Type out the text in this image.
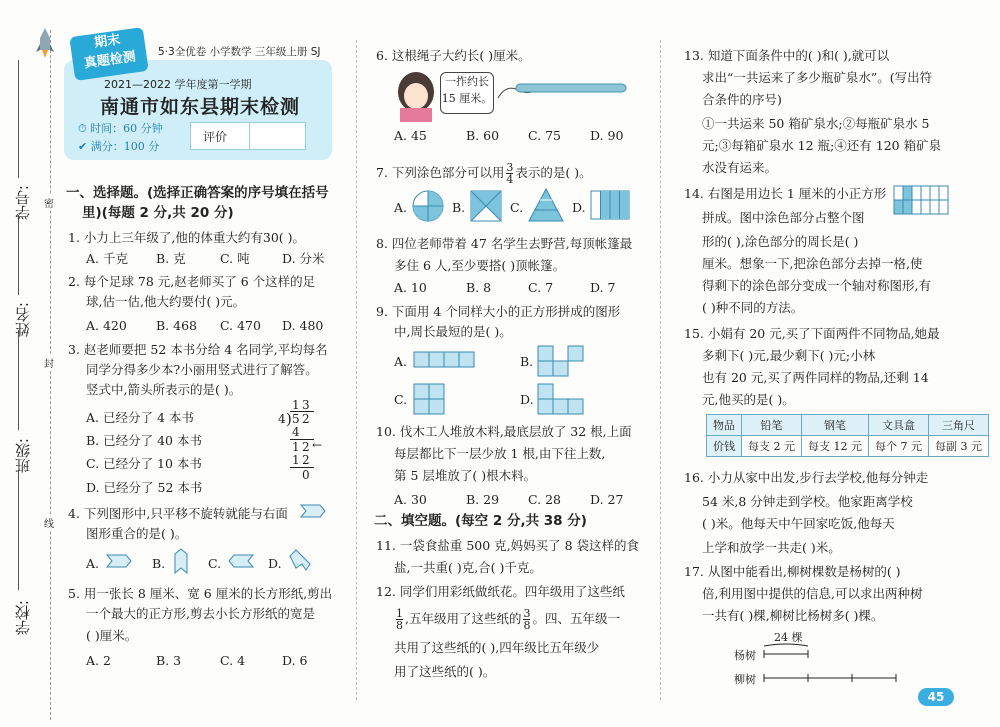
学校:
班级:
姓名:
学号: 密
封
线
期末
真题检测	5·3全优卷 小学数学 三年级上册 SJ
2021—2022 学年度第一学期
南通市如东县期末检测
⏱ 时间：60 分钟
✔ 满分：100 分
评价
一、选择题。(选择正确答案的序号填在括号
里)(每题 2 分,共 20 分)
1. 小力上三年级了,他的体重大约有30( )。
A. 千克 B. 克	C. 吨	D. 分米
2. 每个足球 78 元,赵老师买了 6 个这样的足
球,估一估,他大约要付( )元。
A. 420 B. 468 C. 470 D. 480
3. 赵老师要把 52 本书分给 4 名同学,平均每名
同学分得多少本?小丽用竖式进行了解答。
竖式中,箭头所表示的是( )。
A. 已经分了 4 本书
B. 已经分了 40 本书
C. 已经分了 10 本书
D. 已经分了 52 本书
1 3
4 ) 5 2
4
1 2 ←
1 2
0
4. 下列图形中,只平移不旋转就能与右面
图形重合的是( )。
A.	B.	C.	D.
5. 用一张长 8 厘米、宽 6 厘米的长方形纸,剪出
一个最大的正方形,剪去小长方形纸的宽是
( )厘米。
A. 2	B. 3	C. 4	D. 6
6. 这根绳子大约长( )厘米。
一拃约长
15 厘米。
A. 45	B. 60 C. 75 D. 90
7. 下列涂色部分可以用 $\frac{3}{4}$ 表示的是( )。
A.	B.	C.	D.
8. 四位老师带着 47 名学生去野营,每顶帐篷最
多住 6 人,至少要搭( )顶帐篷。
A. 10	B. 8	C. 7	D. 7
9. 下面用 4 个同样大小的正方形拼成的图形
中,周长最短的是( )。
A.	B.
C.	D.
10. 伐木工人堆放木料,最底层放了 32 根,上面
每层都比下一层少放 1 根,由下往上数,
第 5 层堆放了( )根木料。
A. 30	B. 29 C. 28 D. 27
二、填空题。(每空 2 分,共 38 分)
11. 一袋食盐重 500 克,妈妈买了 8 袋这样的食
盐,一共重( )克,合( )千克。
12. 同学们用彩纸做纸花。四年级用了这些纸
$\frac{1}{8}$ ,五年级用了这些纸的 $\frac{3}{8}$ 。四、五年级一
共用了这些纸的( ),四年级比五年级少
用了这些纸的( )。
13. 知道下面条件中的( )和( ),就可以
求出“一共运来了多少瓶矿泉水”。(写出符
合条件的序号)
①一共运来 50 箱矿泉水;②每瓶矿泉水 5
元;③每箱矿泉水 12 瓶;④还有 120 箱矿泉
水没有运来。
14. 右图是用边长 1 厘米的小正方形
拼成。图中涂色部分占整个图
形的( ),涂色部分的周长是( )
厘米。想象一下,把涂色部分去掉一格,使
得剩下的涂色部分变成一个轴对称图形,有
( )种不同的方法。
15. 小娟有 20 元,买了下面两件不同物品,她最
多剩下( )元,最少剩下( )元;小林
也有 20 元,买了两件同样的物品,还剩 14
元,他买的是( )。
物品	铅笔	钢笔	文具盒	三角尺
价钱	每支 2 元	每支 12 元	每个 7 元	每副 3 元
16. 小力从家中出发,步行去学校,他每分钟走
54 米,8 分钟走到学校。他家距离学校
( )米。他每天中午回家吃饭,他每天
上学和放学一共走( )米。
17. 从图中能看出,柳树棵数是杨树的( )
倍,利用图中提供的信息,可以求出两种树
一共有( )棵,柳树比杨树多( )棵。
24 棵
杨树
柳树
45
